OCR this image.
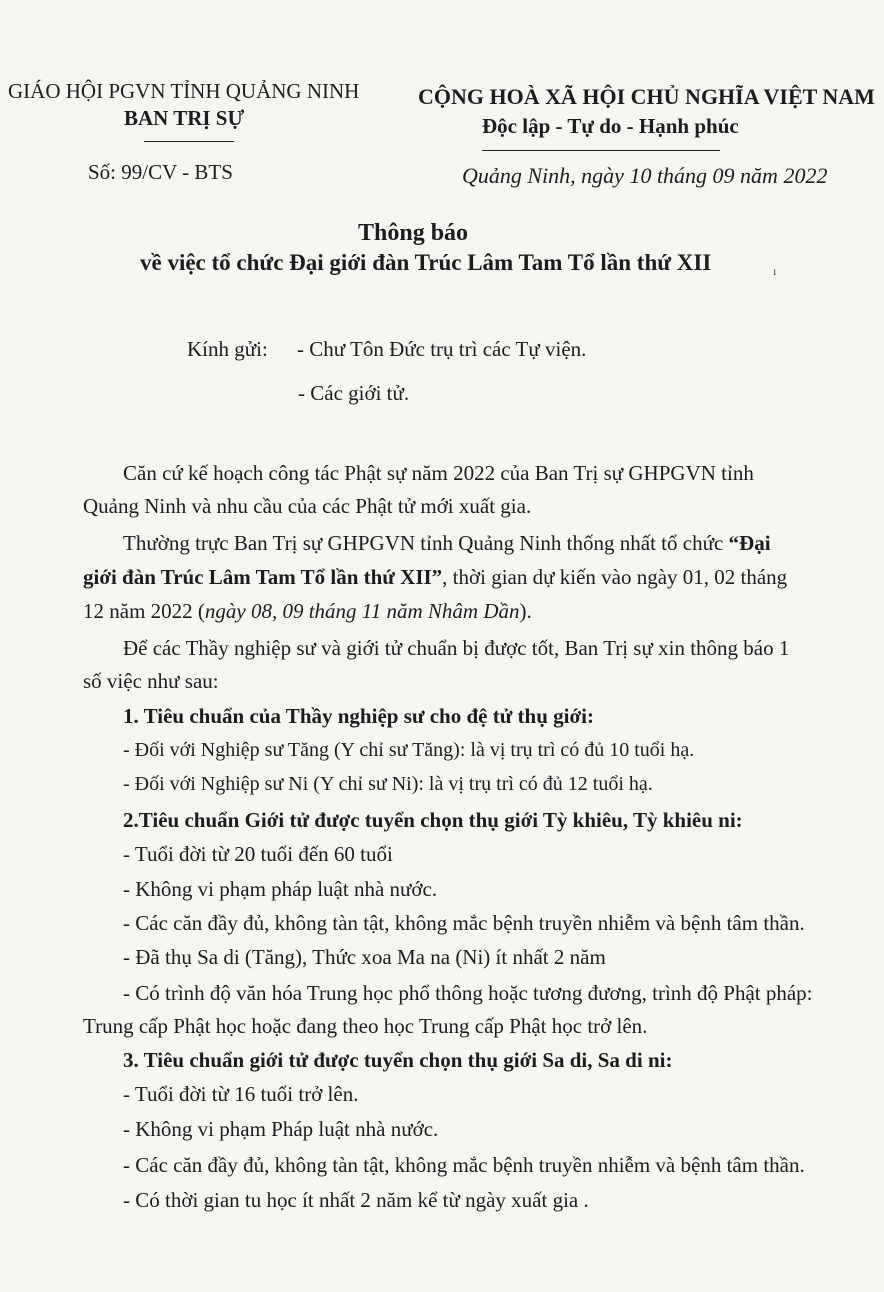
GIÁO HỘI PGVN TỈNH QUẢNG NINH
BAN TRỊ SỰ
CỘNG HOÀ XÃ HỘI CHỦ NGHĨA VIỆT NAM
Độc lập - Tự do - Hạnh phúc
Số: 99/CV - BTS	Quảng Ninh, ngày 10 tháng 09 năm 2022
Thông báo
về việc tổ chức Đại giới đàn Trúc Lâm Tam Tổ lần thứ XII	ı
Kính gửi: - Chư Tôn Đức trụ trì các Tự viện.
- Các giới tử.
Căn cứ kế hoạch công tác Phật sự năm 2022 của Ban Trị sự GHPGVN tỉnh
Quảng Ninh và nhu cầu của các Phật tử mới xuất gia.
Thường trực Ban Trị sự GHPGVN tỉnh Quảng Ninh thống nhất tổ chức “Đại
giới đàn Trúc Lâm Tam Tổ lần thứ XII”, thời gian dự kiến vào ngày 01, 02 tháng
12 năm 2022 (ngày 08, 09 tháng 11 năm Nhâm Dần).
Để các Thầy nghiệp sư và giới tử chuẩn bị được tốt, Ban Trị sự xin thông báo 1
số việc như sau:
1. Tiêu chuẩn của Thầy nghiệp sư cho đệ tử thụ giới:
- Đối với Nghiệp sư Tăng (Y chỉ sư Tăng): là vị trụ trì có đủ 10 tuổi hạ.
- Đối với Nghiệp sư Ni (Y chỉ sư Ni): là vị trụ trì có đủ 12 tuổi hạ.
2.Tiêu chuẩn Giới tử được tuyển chọn thụ giới Tỳ khiêu, Tỳ khiêu ni:
- Tuổi đời từ 20 tuổi đến 60 tuổi
- Không vi phạm pháp luật nhà nước.
- Các căn đầy đủ, không tàn tật, không mắc bệnh truyền nhiễm và bệnh tâm thần.
- Đã thụ Sa di (Tăng), Thức xoa Ma na (Ni) ít nhất 2 năm
- Có trình độ văn hóa Trung học phổ thông hoặc tương đương, trình độ Phật pháp:
Trung cấp Phật học hoặc đang theo học Trung cấp Phật học trở lên.
3. Tiêu chuẩn giới tử được tuyển chọn thụ giới Sa di, Sa di ni:
- Tuổi đời từ 16 tuổi trở lên.
- Không vi phạm Pháp luật nhà nước.
- Các căn đầy đủ, không tàn tật, không mắc bệnh truyền nhiễm và bệnh tâm thần.
- Có thời gian tu học ít nhất 2 năm kể từ ngày xuất gia .
